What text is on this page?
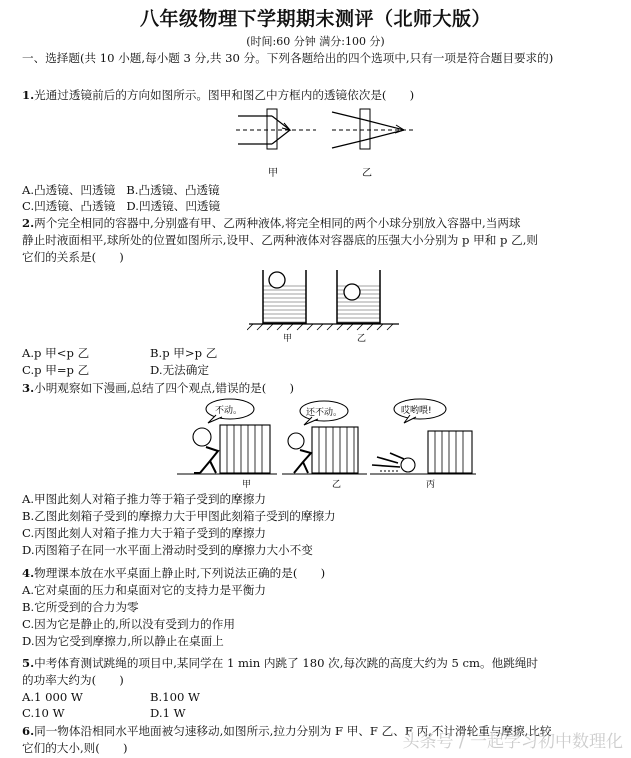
八年级物理下学期期末测评（北师大版）
(时间:60 分钟 满分:100 分)
一、选择题(共 10 小题,每小题 3 分,共 30 分。下列各题给出的四个选项中,只有一项是符合题目要求的)
1.光通过透镜前后的方向如图所示。图甲和图乙中方框内的透镜依次是(　　)
甲	乙
A.凸透镜、凹透镜 B.凸透镜、凸透镜
C.凹透镜、凸透镜 D.凹透镜、凹透镜
2.两个完全相同的容器中,分别盛有甲、乙两种液体,将完全相同的两个小球分别放入容器中,当两球
静止时液面相平,球所处的位置如图所示,设甲、乙两种液体对容器底的压强大小分别为 p 甲和 p 乙,则
它们的关系是(　　)
甲	乙
A.p 甲<p 乙	B.p 甲>p 乙
C.p 甲=p 乙	D.无法确定
3.小明观察如下漫画,总结了四个观点,错误的是(　　)
不动。
甲
还不动。
乙
哎哟喂!
丙
A.甲图此刻人对箱子推力等于箱子受到的摩擦力
B.乙图此刻箱子受到的摩擦力大于甲图此刻箱子受到的摩擦力
C.丙图此刻人对箱子推力大于箱子受到的摩擦力
D.丙图箱子在同一水平面上滑动时受到的摩擦力大小不变
4.物理课本放在水平桌面上静止时,下列说法正确的是(　　)
A.它对桌面的压力和桌面对它的支持力是平衡力
B.它所受到的合力为零
C.因为它是静止的,所以没有受到力的作用
D.因为它受到摩擦力,所以静止在桌面上
5.中考体育测试跳绳的项目中,某同学在 1 min 内跳了 180 次,每次跳的高度大约为 5 cm。他跳绳时
的功率大约为(　　)
A.1 000 W	B.100 W
C.10 W	D.1 W
6.同一物体沿相同水平地面被匀速移动,如图所示,拉力分别为 F 甲、F 乙、F 丙,不计滑轮重与摩擦,比较
它们的大小,则(　　)	头条号 / 一起学习初中数理化
